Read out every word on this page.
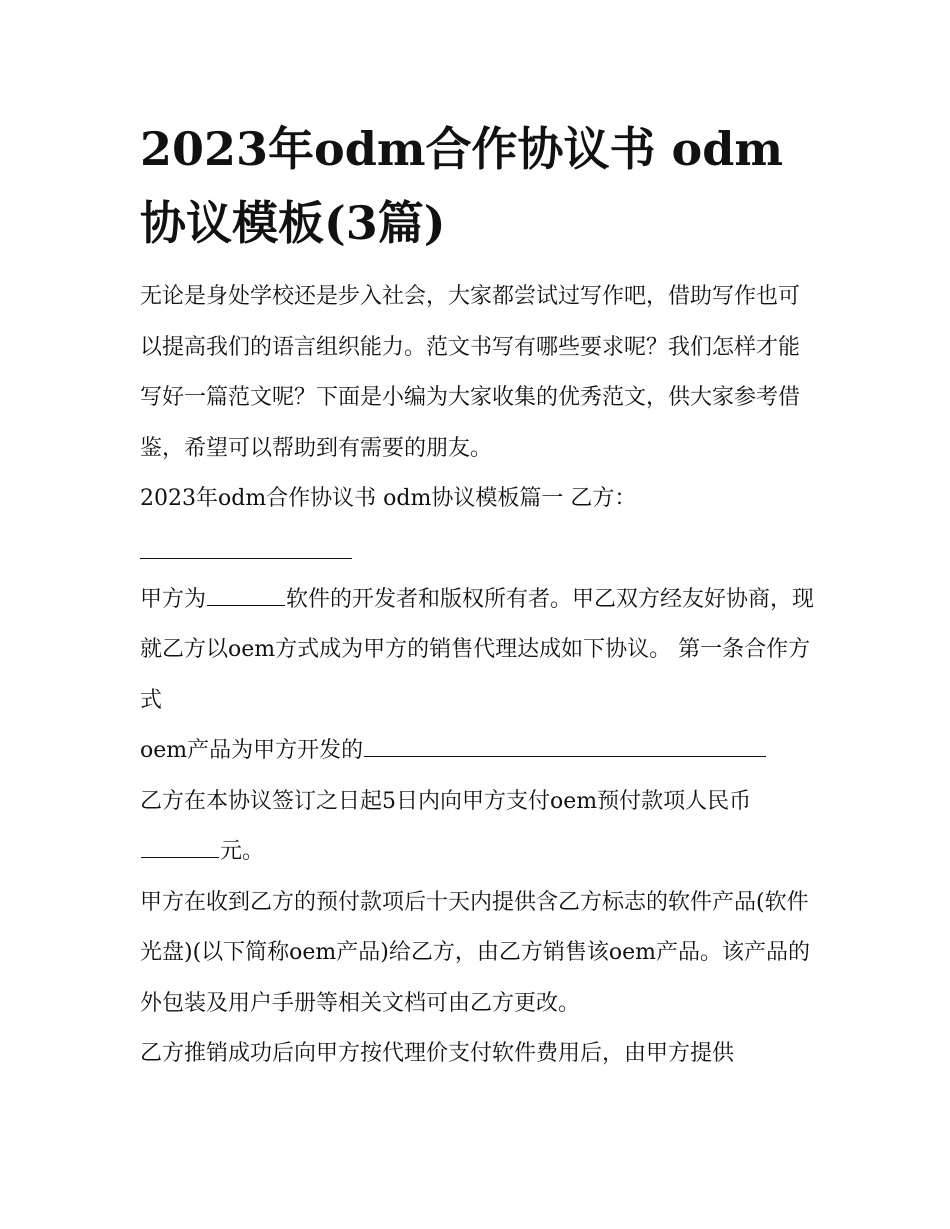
2023年odm合作协议书 odm
协议模板(3篇)

无论是身处学校还是步入社会，大家都尝试过写作吧，借助写作也可以提高我们的语言组织能力。范文书写有哪些要求呢？我们怎样才能写好一篇范文呢？下面是小编为大家收集的优秀范文，供大家参考借鉴，希望可以帮助到有需要的朋友。

2023年odm合作协议书 odm协议模板篇一 乙方：

甲方为	软件的开发者和版权所有者。甲乙双方经友好协商，现就乙方以oem方式成为甲方的销售代理达成如下协议。 第一条合作方式

oem产品为甲方开发的

乙方在本协议签订之日起5日内向甲方支付oem预付款项人民币元。

甲方在收到乙方的预付款项后十天内提供含乙方标志的软件产品(软件光盘)(以下简称oem产品)给乙方，由乙方销售该oem产品。该产品的外包装及用户手册等相关文档可由乙方更改。

乙方推销成功后向甲方按代理价支付软件费用后，由甲方提供
